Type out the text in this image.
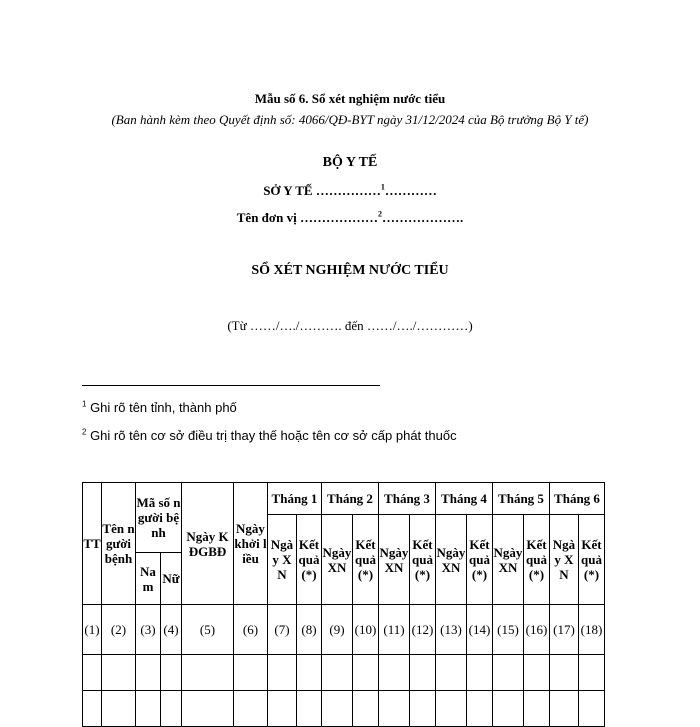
Mẫu số 6. Sổ xét nghiệm nước tiểu
(Ban hành kèm theo Quyết định số: 4066/QĐ-BYT ngày 31/12/2024 của Bộ trưởng Bộ Y tế)
BỘ Y TẾ
SỞ Y TẾ ……………$^1$…………
Tên đơn vị ………………$^2$……………….
SỔ XÉT NGHIỆM NƯỚC TIỂU
(Từ ……/…./………. đến ……/…./…………)
$^1$ Ghi rõ tên tỉnh, thành phố
$^2$ Ghi rõ tên cơ sở điều trị thay thế hoặc tên cơ sở cấp phát thuốc
TT	Tên người bệnh	Mã số người bệnh		Ngày KĐGBĐ	Ngày khởi liều	Tháng 1		Tháng 2		Tháng 3		Tháng 4		Tháng 5		Tháng 6	
						Ngày XN	Kết quả (*)	Ngày XN	Kết quả (*)	Ngày XN	Kết quả (*)	Ngày XN	Kết quả (*)	Ngày XN	Kết quả (*)	Ngày XN	Kết quả (*)
		Nam	Nữ														
(1)	(2)	(3)	(4)	(5)	(6)	(7)	(8)	(9)	(10)	(11)	(12)	(13)	(14)	(15)	(16)	(17)	(18)
